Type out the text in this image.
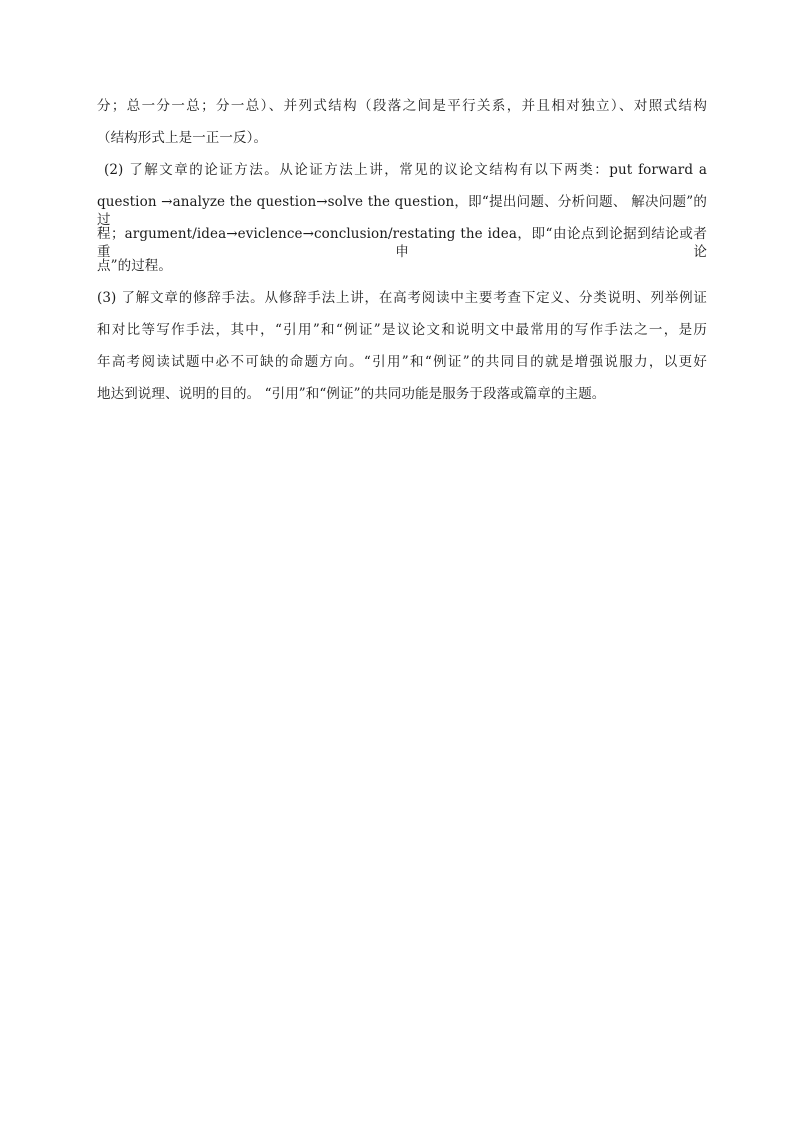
分；总一分一总；分一总）、并列式结构（段落之间是平行关系，并且相对独立）、对照式结构
（结构形式上是一正一反）。
(2) 了解文章的论证方法。从论证方法上讲，常见的议论文结构有以下两类：put forward a
question →analyze the question→solve the question，即“提出问题、分析问题、 解决问题”的过
程；argument/idea→eviclence→conclusion/restating the idea，即“由论点到论据到结论或者重申论
点”的过程。
(3) 了解文章的修辞手法。从修辞手法上讲，在高考阅读中主要考查下定义、分类说明、列举例证
和对比等写作手法，其中，“引用”和“例证”是议论文和说明文中最常用的写作手法之一，是历
年高考阅读试题中必不可缺的命题方向。“引用”和“例证”的共同目的就是增强说服力，以更好
地达到说理、说明的目的。 “引用”和“例证”的共同功能是服务于段落或篇章的主题。
